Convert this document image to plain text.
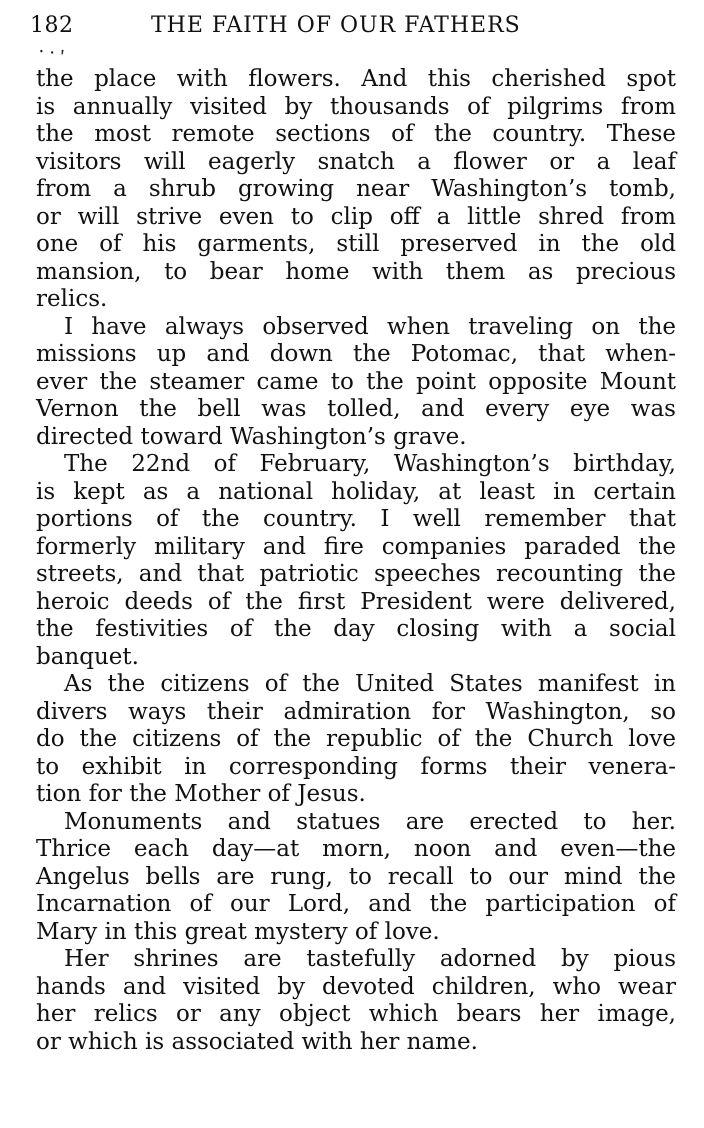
182	THE FAITH OF OUR FATHERS
⸱ ⸳ ⸴
the place with flowers. And this cherished spot
is annually visited by thousands of pilgrims from
the most remote sections of the country. These
visitors will eagerly snatch a flower or a leaf
from a shrub growing near Washington’s tomb,
or will strive even to clip off a little shred from
one of his garments, still preserved in the old
mansion, to bear home with them as precious
relics.
I have always observed when traveling on the
missions up and down the Potomac, that when-
ever the steamer came to the point opposite Mount
Vernon the bell was tolled, and every eye was
directed toward Washington’s grave.
The 22nd of February, Washington’s birthday,
is kept as a national holiday, at least in certain
portions of the country. I well remember that
formerly military and fire companies paraded the
streets, and that patriotic speeches recounting the
heroic deeds of the first President were delivered,
the festivities of the day closing with a social
banquet.
As the citizens of the United States manifest in
divers ways their admiration for Washington, so
do the citizens of the republic of the Church love
to exhibit in corresponding forms their venera-
tion for the Mother of Jesus.
Monuments and statues are erected to her.
Thrice each day—at morn, noon and even—the
Angelus bells are rung, to recall to our mind the
Incarnation of our Lord, and the participation of
Mary in this great mystery of love.
Her shrines are tastefully adorned by pious
hands and visited by devoted children, who wear
her relics or any object which bears her image,
or which is associated with her name.
